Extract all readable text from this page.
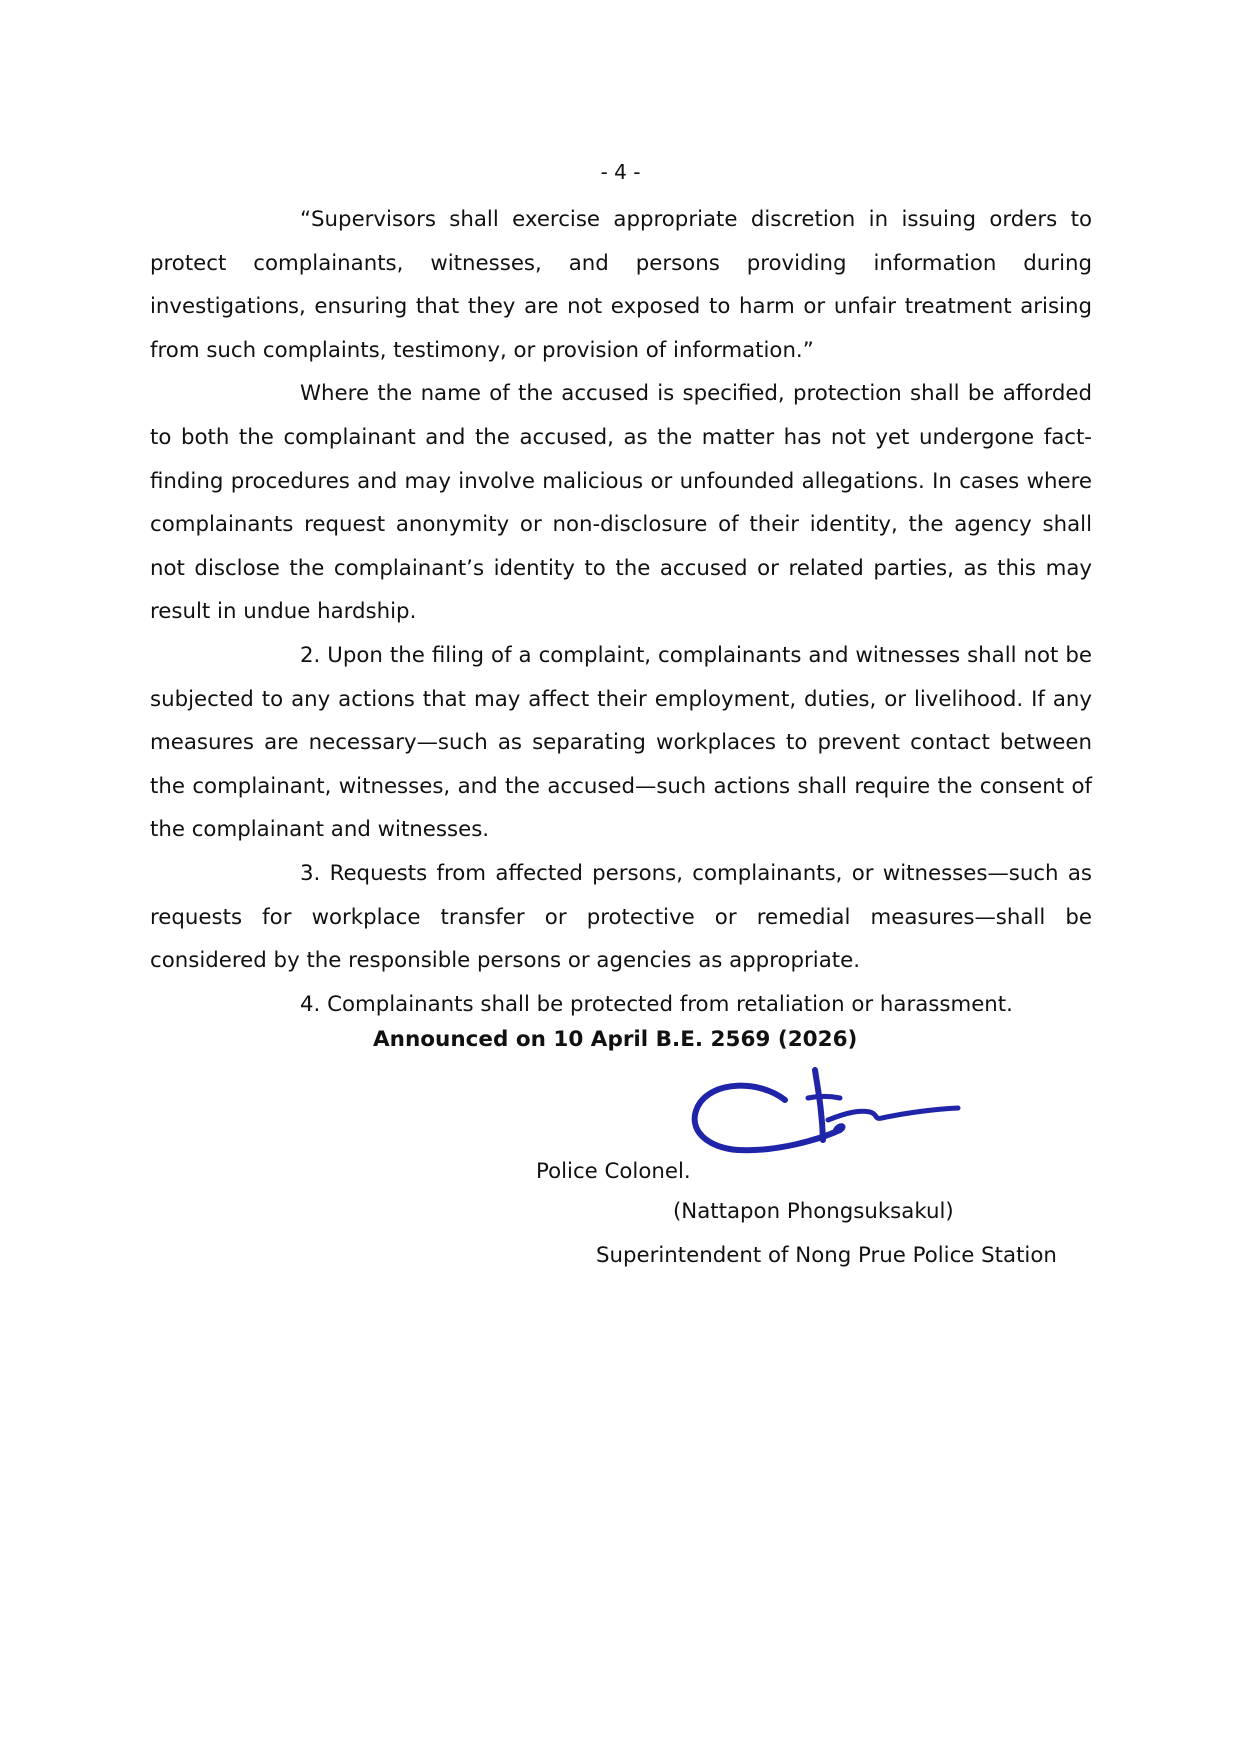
- 4 -

“Supervisors shall exercise appropriate discretion in issuing orders to protect complainants, witnesses, and persons providing information during investigations, ensuring that they are not exposed to harm or unfair treatment arising from such complaints, testimony, or provision of information.”

Where the name of the accused is specified, protection shall be afforded to both the complainant and the accused, as the matter has not yet undergone fact-finding procedures and may involve malicious or unfounded allegations. In cases where complainants request anonymity or non-disclosure of their identity, the agency shall not disclose the complainant’s identity to the accused or related parties, as this may result in undue hardship.

2. Upon the filing of a complaint, complainants and witnesses shall not be subjected to any actions that may affect their employment, duties, or livelihood. If any measures are necessary—such as separating workplaces to prevent contact between the complainant, witnesses, and the accused—such actions shall require the consent of the complainant and witnesses.

3. Requests from affected persons, complainants, or witnesses—such as requests for workplace transfer or protective or remedial measures—shall be considered by the responsible persons or agencies as appropriate.

4. Complainants shall be protected from retaliation or harassment.

Announced on 10 April B.E. 2569 (2026)
Police Colonel.
(Nattapon Phongsuksakul)
Superintendent of Nong Prue Police Station
